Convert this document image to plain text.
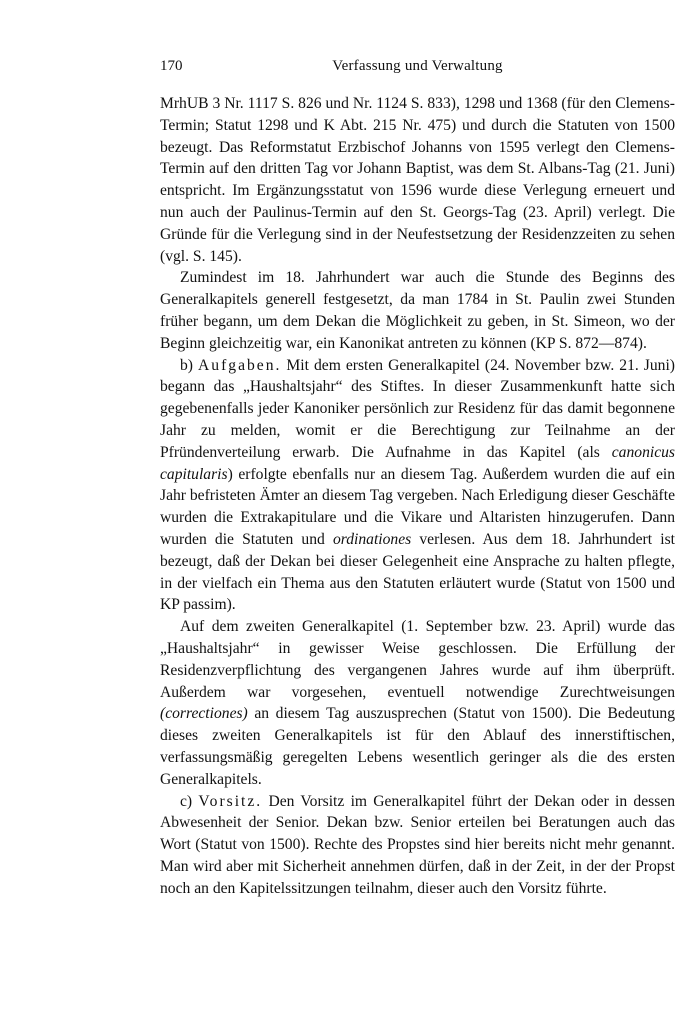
170	Verfassung und Verwaltung

MrhUB 3 Nr. 1117 S. 826 und Nr. 1124 S. 833), 1298 und 1368 (für den Clemens-Termin; Statut 1298 und K Abt. 215 Nr. 475) und durch die Statuten von 1500 bezeugt. Das Reformstatut Erzbischof Johanns von 1595 verlegt den Clemens-Termin auf den dritten Tag vor Johann Baptist, was dem St. Albans-Tag (21. Juni) entspricht. Im Ergänzungsstatut von 1596 wurde diese Verlegung erneuert und nun auch der Paulinus-Termin auf den St. Georgs-Tag (23. April) verlegt. Die Gründe für die Verlegung sind in der Neufestsetzung der Residenzzeiten zu sehen (vgl. S. 145).

Zumindest im 18. Jahrhundert war auch die Stunde des Beginns des Generalkapitels generell festgesetzt, da man 1784 in St. Paulin zwei Stunden früher begann, um dem Dekan die Möglichkeit zu geben, in St. Simeon, wo der Beginn gleichzeitig war, ein Kanonikat antreten zu können (KP S. 872—874).

b) Aufgaben. Mit dem ersten Generalkapitel (24. November bzw. 21. Juni) begann das „Haushaltsjahr“ des Stiftes. In dieser Zusammenkunft hatte sich gegebenenfalls jeder Kanoniker persönlich zur Residenz für das damit begonnene Jahr zu melden, womit er die Berechtigung zur Teilnahme an der Pfründenverteilung erwarb. Die Aufnahme in das Kapitel (als canonicus capitularis) erfolgte ebenfalls nur an diesem Tag. Außerdem wurden die auf ein Jahr befristeten Ämter an diesem Tag vergeben. Nach Erledigung dieser Geschäfte wurden die Extrakapitulare und die Vikare und Altaristen hinzugerufen. Dann wurden die Statuten und ordinationes verlesen. Aus dem 18. Jahrhundert ist bezeugt, daß der Dekan bei dieser Gelegenheit eine Ansprache zu halten pflegte, in der vielfach ein Thema aus den Statuten erläutert wurde (Statut von 1500 und KP passim).

Auf dem zweiten Generalkapitel (1. September bzw. 23. April) wurde das „Haushaltsjahr“ in gewisser Weise geschlossen. Die Erfüllung der Residenzverpflichtung des vergangenen Jahres wurde auf ihm überprüft. Außerdem war vorgesehen, eventuell notwendige Zurechtweisungen (correctiones) an diesem Tag auszusprechen (Statut von 1500). Die Bedeutung dieses zweiten Generalkapitels ist für den Ablauf des innerstiftischen, verfassungsmäßig geregelten Lebens wesentlich geringer als die des ersten Generalkapitels.

c) Vorsitz. Den Vorsitz im Generalkapitel führt der Dekan oder in dessen Abwesenheit der Senior. Dekan bzw. Senior erteilen bei Beratungen auch das Wort (Statut von 1500). Rechte des Propstes sind hier bereits nicht mehr genannt. Man wird aber mit Sicherheit annehmen dürfen, daß in der Zeit, in der der Propst noch an den Kapitelssitzungen teilnahm, dieser auch den Vorsitz führte.
